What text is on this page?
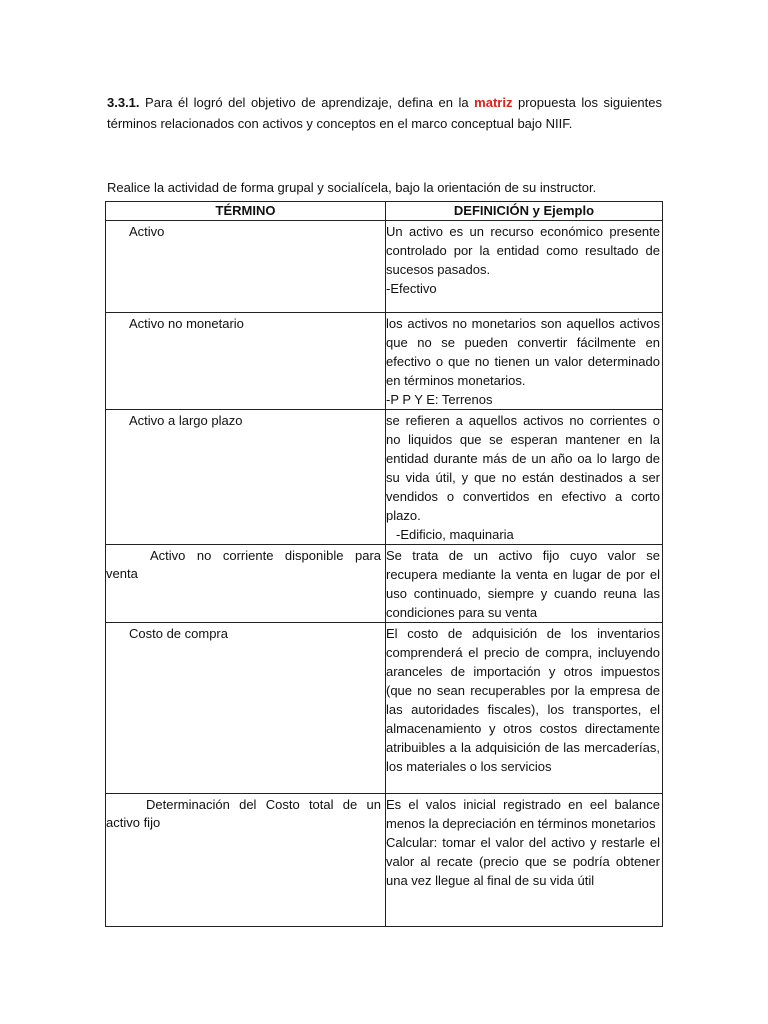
3.3.1. Para él logró del objetivo de aprendizaje, defina en la matriz propuesta los siguientes términos relacionados con activos y conceptos en el marco conceptual bajo NIIF.
Realice la actividad de forma grupal y socialícela, bajo la orientación de su instructor.
TÉRMINO	DEFINICIÓN y Ejemplo

Activo	Un activo es un recurso económico presente controlado por la entidad como resultado de sucesos pasados.
-Efectivo

Activo no monetario	los activos no monetarios son aquellos activos que no se pueden convertir fácilmente en efectivo o que no tienen un valor determinado en términos monetarios.
-P P Y E: Terrenos

Activo a largo plazo	se refieren a aquellos activos no corrientes o no liquidos que se esperan mantener en la entidad durante más de un año oa lo largo de su vida útil, y que no están destinados a ser vendidos o convertidos en efectivo a corto plazo.
-Edificio, maquinaria

Activo no corriente disponible para venta	Se trata de un activo fijo cuyo valor se recupera mediante la venta en lugar de por el uso continuado, siempre y cuando reuna las condiciones para su venta

Costo de compra	El costo de adquisición de los inventarios comprenderá el precio de compra, incluyendo aranceles de importación y otros impuestos (que no sean recuperables por la empresa de las autoridades fiscales), los transportes, el almacenamiento y otros costos directamente atribuibles a la adquisición de las mercaderías, los materiales o los servicios

Determinación del Costo total de un activo fijo	Es el valos inicial registrado en eel balance menos la depreciación en términos monetarios
Calcular: tomar el valor del activo y restarle el valor al recate (precio que se podría obtener una vez llegue al final de su vida útil
